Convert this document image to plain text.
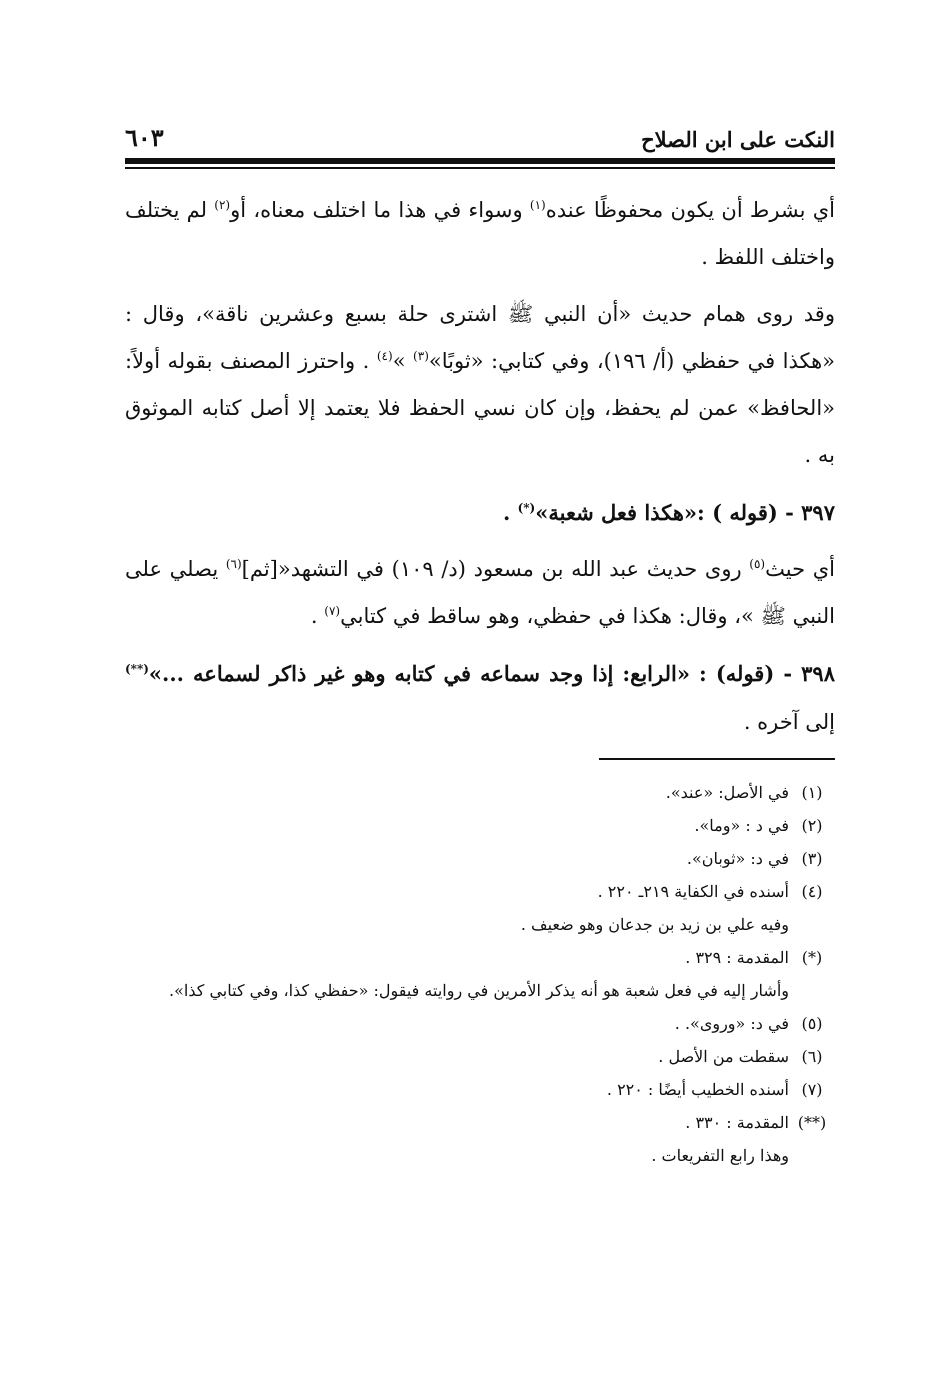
النكت على ابن الصلاح
٦٠٣

أي بشرط أن يكون محفوظًا عنده$^{(١)}$ وسواء في هذا ما اختلف معناه، أو$^{(٢)}$ لم يختلف واختلف اللفظ .

وقد روى همام حديث «أن النبي ﷺ اشترى حلة بسبع وعشرين ناقة»، وقال : «هكذا في حفظي (أ/ ١٩٦)، وفي كتابي: «ثوبًا»$^{(٣)}$ »$^{(٤)}$ . واحترز المصنف بقوله أولاً: «الحافظ» عمن لم يحفظ، وإن كان نسي الحفظ فلا يعتمد إلا أصل كتابه الموثوق به .

٣٩٧ - (قوله ) :«هكذا فعل شعبة»(*) .

أي حيث$^{(٥)}$ روى حديث عبد الله بن مسعود (د/ ١٠٩) في التشهد«[ثم]$^{(٦)}$ يصلي على النبي ﷺ »، وقال: هكذا في حفظي، وهو ساقط في كتابي$^{(٧)}$ .

٣٩٨ - (قوله) : «الرابع: إذا وجد سماعه في كتابه وهو غير ذاكر لسماعه ...»(**) إلى آخره .

(١)
في الأصل: «عند».
(٢)
في د : «وما».
(٣)
في د: «ثوبان».
(٤)
أسنده في الكفاية ٢١٩ـ ٢٢٠ .
وفيه علي بن زيد بن جدعان وهو ضعيف .
(*)
المقدمة : ٣٢٩ .
وأشار إليه في فعل شعبة هو أنه يذكر الأمرين في روايته فيقول: «حفظي كذا، وفي كتابي كذا».
(٥)
في د: «وروى». .
(٦)
سقطت من الأصل .
(٧)
أسنده الخطيب أيضًا : ٢٢٠ .
(**)
المقدمة : ٣٣٠ .
وهذا رابع التفريعات .
